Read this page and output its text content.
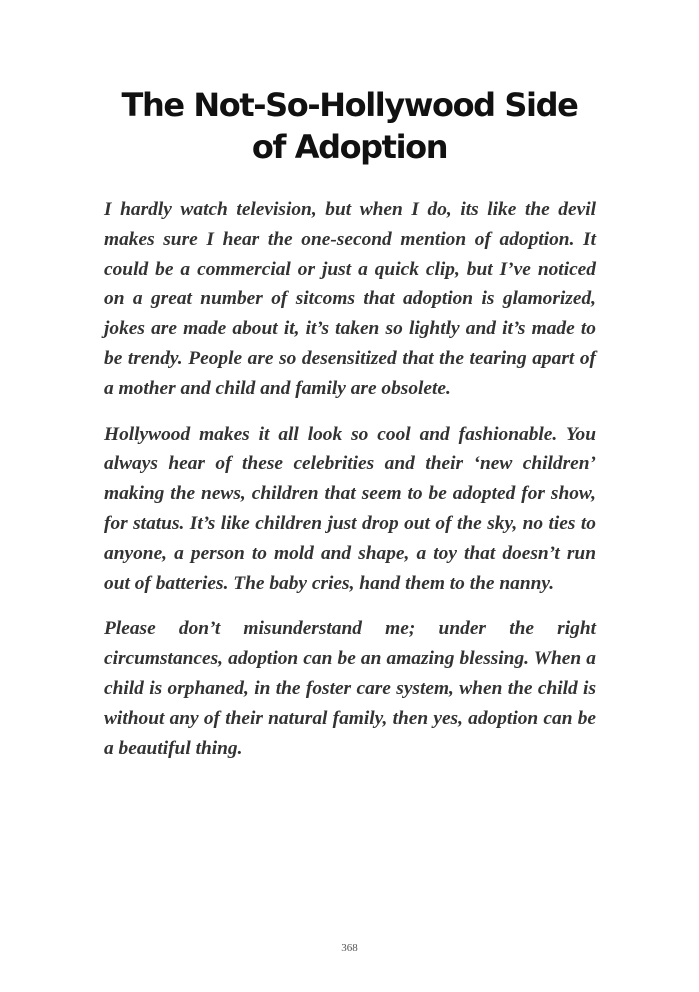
The Not-So-Hollywood Side
of Adoption

I hardly watch television, but when I do, its like the devil makes sure I hear the one-second mention of adoption. It could be a commercial or just a quick clip, but I’ve noticed on a great number of sitcoms that adoption is glamorized, jokes are made about it, it’s taken so lightly and it’s made to be trendy. People are so desensitized that the tearing apart of a mother and child and family are obsolete.

Hollywood makes it all look so cool and fashionable. You always hear of these celebrities and their ‘new children’ making the news, children that seem to be adopted for show, for status. It’s like children just drop out of the sky, no ties to anyone, a person to mold and shape, a toy that doesn’t run out of batteries. The baby cries, hand them to the nanny.

Please don’t misunderstand me; under the right circumstances, adoption can be an amazing blessing. When a child is orphaned, in the foster care system, when the child is without any of their natural family, then yes, adoption can be a beautiful thing.

368
